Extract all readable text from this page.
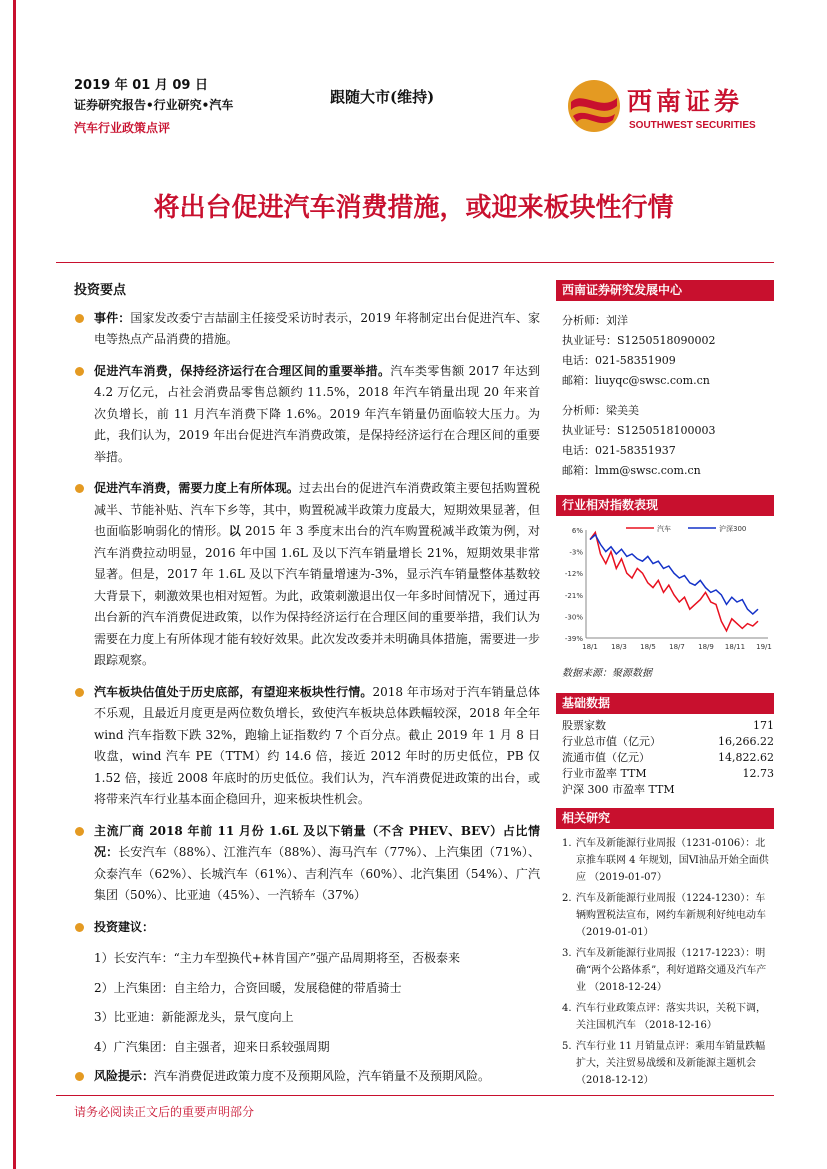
2019 年 01 月 09 日
证券研究报告•行业研究•汽车
汽车行业政策点评
跟随大市(维持)	西南证券
SOUTHWEST SECURITIES
将出台促进汽车消费措施，或迎来板块性行情
投资要点
事件：国家发改委宁吉喆副主任接受采访时表示，2019 年将制定出台促进汽车、家电等热点产品消费的措施。
促进汽车消费，保持经济运行在合理区间的重要举措。汽车类零售额 2017 年达到 4.2 万亿元，占社会消费品零售总额约 11.5%，2018 年汽车销量出现 20 年来首次负增长，前 11 月汽车消费下降 1.6%。2019 年汽车销量仍面临较大压力。为此，我们认为，2019 年出台促进汽车消费政策，是保持经济运行在合理区间的重要举措。
促进汽车消费，需要力度上有所体现。过去出台的促进汽车消费政策主要包括购置税减半、节能补贴、汽车下乡等，其中，购置税减半政策力度最大，短期效果显著，但也面临影响弱化的情形。以 2015 年 3 季度末出台的汽车购置税减半政策为例，对汽车消费拉动明显，2016 年中国 1.6L 及以下汽车销量增长 21%，短期效果非常显著。但是，2017 年 1.6L 及以下汽车销量增速为-3%，显示汽车销量整体基数较大背景下，刺激效果也相对短暂。为此，政策刺激退出仅一年多时间情况下，通过再出台新的汽车消费促进政策，以作为保持经济运行在合理区间的重要举措，我们认为需要在力度上有所体现才能有较好效果。此次发改委并未明确具体措施，需要进一步跟踪观察。
汽车板块估值处于历史底部，有望迎来板块性行情。2018 年市场对于汽车销量总体不乐观，且最近月度更是两位数负增长，致使汽车板块总体跌幅较深，2018 年全年 wind 汽车指数下跌 32%，跑输上证指数约 7 个百分点。截止 2019 年 1 月 8 日收盘，wind 汽车 PE（TTM）约 14.6 倍，接近 2012 年时的历史低位，PB 仅 1.52 倍，接近 2008 年底时的历史低位。我们认为，汽车消费促进政策的出台，或将带来汽车行业基本面企稳回升，迎来板块性机会。
主流厂商 2018 年前 11 月份 1.6L 及以下销量（不含 PHEV、BEV）占比情况：长安汽车（88%）、江淮汽车（88%）、海马汽车（77%）、上汽集团（71%）、众泰汽车（62%）、长城汽车（61%）、吉利汽车（60%）、北汽集团（54%）、广汽集团（50%）、比亚迪（45%）、一汽轿车（37%）
投资建议：
1）长安汽车：“主力车型换代+林肯国产”强产品周期将至，否极泰来
2）上汽集团：自主给力，合资回暖，发展稳健的带盾骑士
3）比亚迪：新能源龙头，景气度向上
4）广汽集团：自主强者，迎来日系较强周期
风险提示：汽车消费促进政策力度不及预期风险，汽车销量不及预期风险。
西南证券研究发展中心

分析师：刘洋

执业证号：S1250518090002

电话：021-58351909

邮箱：liuyqc@swsc.com.cn

分析师：梁美美

执业证号：S1250518100003

电话：021-58351937

邮箱：lmm@swsc.com.cn

行业相对指数表现
6%
-3%
-12%
-21%
-30%
-39%
18/1 18/3 18/5 18/7 18/9 18/11 19/1
汽车	沪深300
数据来源：聚源数据
基础数据
股票家数	171
行业总市值（亿元）	16,266.22
流通市值（亿元）	14,822.62
行业市盈率 TTM	12.73
沪深 300 市盈率 TTM
相关研究
1. 汽车及新能源行业周报（1231-0106）：北京推车联网 4 年规划，国Ⅵ油品开始全面供应 （2019-01-07）
2. 汽车及新能源行业周报（1224-1230）：车辆购置税法宣布，网约车新规利好纯电动车 （2019-01-01）
3. 汽车及新能源行业周报（1217-1223）：明确“两个公路体系”，利好道路交通及汽车产业 （2018-12-24）
4. 汽车行业政策点评：落实共识，关税下调，关注国机汽车 （2018-12-16）
5. 汽车行业 11 月销量点评：乘用车销量跌幅扩大，关注贸易战缓和及新能源主题机会 （2018-12-12）
请务必阅读正文后的重要声明部分
